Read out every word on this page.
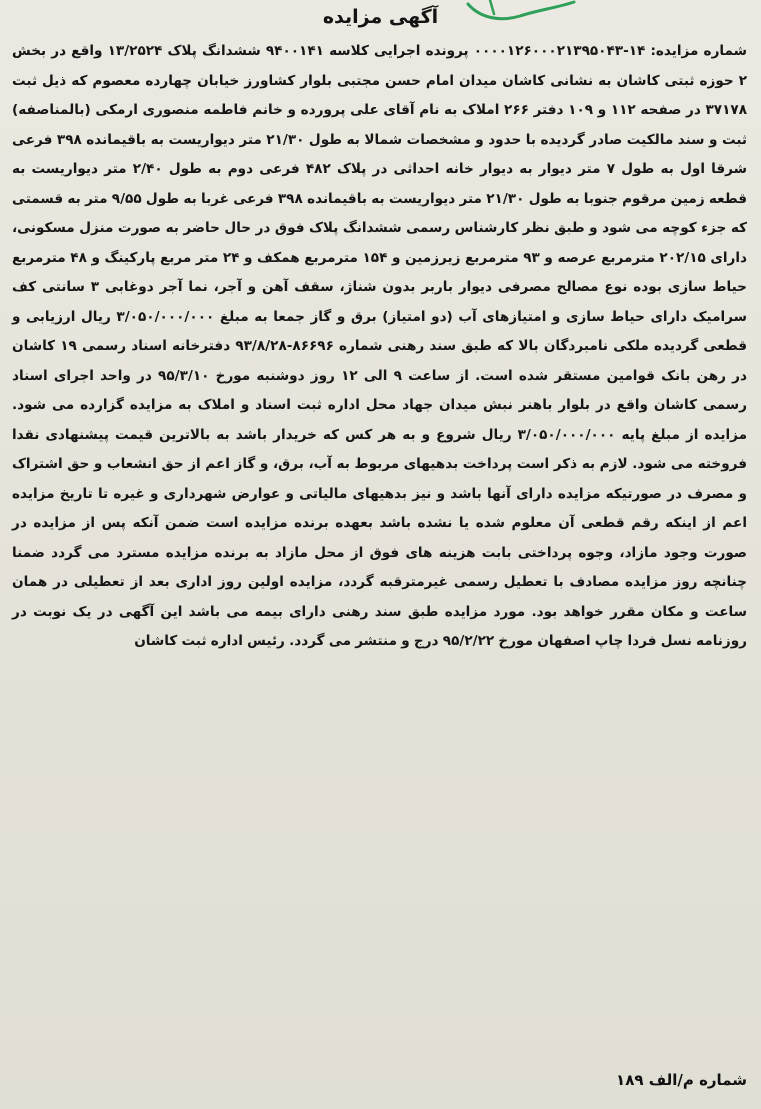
آگهی مزایده

شماره مزایده: ۱۴-۰۰۰۰۱۲۶۰۰۰۲۱۳۹۵۰۴۳ پرونده اجرایی کلاسه ۹۴۰۰۱۴۱ ششدانگ پلاک ۱۳/۲۵۲۴ واقع در بخش ۲ حوزه ثبتی کاشان به نشانی کاشان میدان امام حسن مجتبی بلوار کشاورز خیابان چهارده معصوم که ذیل ثبت ۳۷۱۷۸ در صفحه ۱۱۲ و ۱۰۹ دفتر ۲۶۶ املاک به نام آقای علی پرورده و خانم فاطمه منصوری ارمکی (بالمناصفه) ثبت و سند مالکیت صادر گردیده با حدود و مشخصات شمالا به طول ۲۱/۳۰ متر دیواریست به باقیمانده ۳۹۸ فرعی شرقا اول به طول ۷ متر دیوار به دیوار خانه احداثی در پلاک ۴۸۲ فرعی دوم به طول ۲/۴۰ متر دیواریست به قطعه زمین مرقوم جنوبا به طول ۲۱/۳۰ متر دیواریست به باقیمانده ۳۹۸ فرعی غربا به طول ۹/۵۵ متر به قسمتی که جزء کوچه می شود و طبق نظر کارشناس رسمی ششدانگ پلاک فوق در حال حاضر به صورت منزل مسکونی، دارای ۲۰۲/۱۵ مترمربع عرصه و ۹۳ مترمربع زیرزمین و ۱۵۴ مترمربع همکف و ۲۴ متر مربع پارکینگ و ۴۸ مترمربع حیاط سازی بوده نوع مصالح مصرفی دیوار باربر بدون شناژ، سقف آهن و آجر، نما آجر دوغابی ۳ سانتی کف سرامیک دارای حیاط سازی و امتیازهای آب (دو امتیاز) برق و گاز جمعا به مبلغ ۳/۰۵۰/۰۰۰/۰۰۰ ریال ارزیابی و قطعی گردیده ملکی نامبردگان بالا که طبق سند رهنی شماره ۸۶۶۹۶-۹۳/۸/۲۸ دفترخانه اسناد رسمی ۱۹ کاشان در رهن بانک قوامین مستقر شده است. از ساعت ۹ الی ۱۲ روز دوشنبه مورخ ۹۵/۳/۱۰ در واحد اجرای اسناد رسمی کاشان واقع در بلوار باهنر نبش میدان جهاد محل اداره ثبت اسناد و املاک به مزایده گزارده می شود. مزایده از مبلغ پایه ۳/۰۵۰/۰۰۰/۰۰۰ ریال شروع و به هر کس که خریدار باشد به بالاترین قیمت پیشنهادی نقدا فروخته می شود. لازم به ذکر است پرداخت بدهیهای مربوط به آب، برق، و گاز اعم از حق انشعاب و حق اشتراک و مصرف در صورتیکه مزایده دارای آنها باشد و نیز بدهیهای مالیاتی و عوارض شهرداری و غیره تا تاریخ مزایده اعم از اینکه رقم قطعی آن معلوم شده یا نشده باشد بعهده برنده مزایده است ضمن آنکه پس از مزایده در صورت وجود مازاد، وجوه پرداختی بابت هزینه های فوق از محل مازاد به برنده مزایده مسترد می گردد ضمنا چنانچه روز مزایده مصادف با تعطیل رسمی غیرمترقبه گردد، مزایده اولین روز اداری بعد از تعطیلی در همان ساعت و مکان مقرر خواهد بود. مورد مزایده طبق سند رهنی دارای بیمه می باشد این آگهی در یک نوبت در روزنامه نسل فردا چاپ اصفهان مورخ ۹۵/۲/۲۲ درج و منتشر می گردد. رئیس اداره ثبت کاشان

شماره م/الف ۱۸۹
